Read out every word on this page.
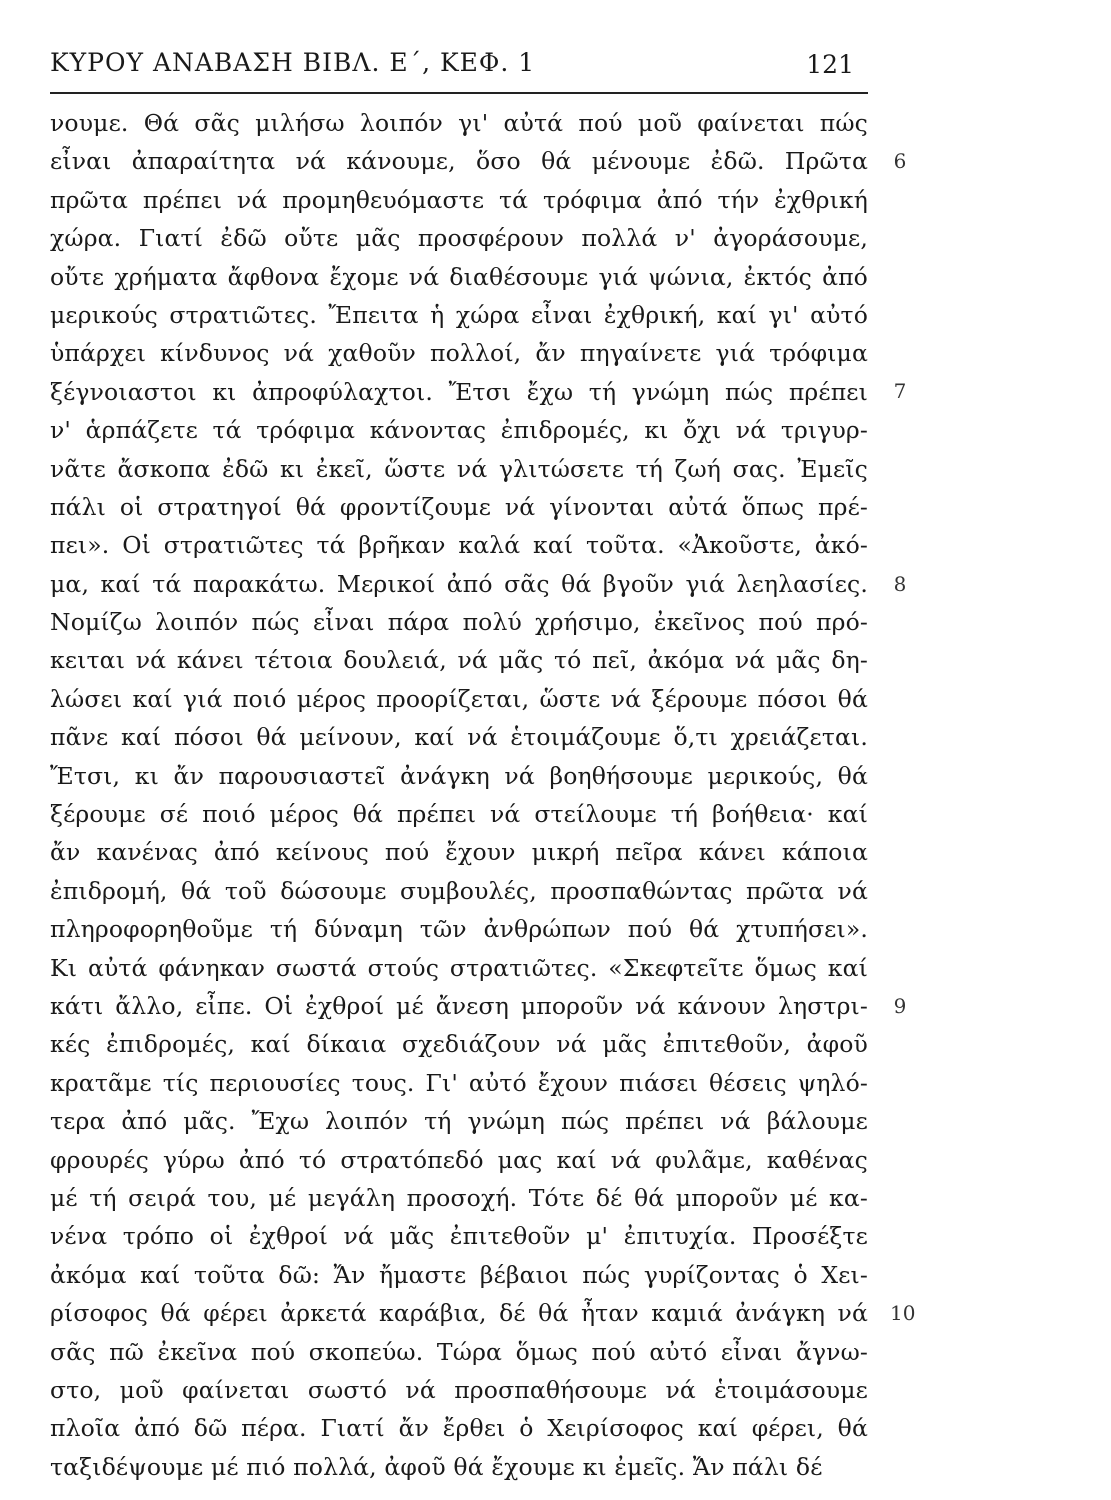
ΚΥΡΟΥ ΑΝΑΒΑΣΗ ΒΙΒΛ. Ε΄, ΚΕΦ. 1	121
νουμε. Θά σᾶς μιλήσω λοιπόν γι' αὐτά πού μοῦ φαίνεται πώς
εἶναι ἀπαραίτητα νά κάνουμε, ὅσο θά μένουμε ἐδῶ. Πρῶτα
πρῶτα πρέπει νά προμηθευόμαστε τά τρόφιμα ἀπό τήν ἐχθρική
χώρα. Γιατί ἐδῶ οὔτε μᾶς προσφέρουν πολλά ν' ἀγοράσουμε,
οὔτε χρήματα ἄφθονα ἔχομε νά διαθέσουμε γιά ψώνια, ἐκτός ἀπό
μερικούς στρατιῶτες. Ἔπειτα ἡ χώρα εἶναι ἐχθρική, καί γι' αὐτό
ὑπάρχει κίνδυνος νά χαθοῦν πολλοί, ἄν πηγαίνετε γιά τρόφιμα
ξέγνοιαστοι κι ἀπροφύλαχτοι. Ἔτσι ἔχω τή γνώμη πώς πρέπει
ν' ἁρπάζετε τά τρόφιμα κάνοντας ἐπιδρομές, κι ὄχι νά τριγυρ-
νᾶτε ἄσκοπα ἐδῶ κι ἐκεῖ, ὥστε νά γλιτώσετε τή ζωή σας. Ἐμεῖς
πάλι οἱ στρατηγοί θά φροντίζουμε νά γίνονται αὐτά ὅπως πρέ-
πει». Οἱ στρατιῶτες τά βρῆκαν καλά καί τοῦτα. «Ἀκοῦστε, ἀκό-
μα, καί τά παρακάτω. Μερικοί ἀπό σᾶς θά βγοῦν γιά λεηλασίες.
Νομίζω λοιπόν πώς εἶναι πάρα πολύ χρήσιμο, ἐκεῖνος πού πρό-
κειται νά κάνει τέτοια δουλειά, νά μᾶς τό πεῖ, ἀκόμα νά μᾶς δη-
λώσει καί γιά ποιό μέρος προορίζεται, ὥστε νά ξέρουμε πόσοι θά
πᾶνε καί πόσοι θά μείνουν, καί νά ἑτοιμάζουμε ὅ,τι χρειάζεται.
Ἔτσι, κι ἄν παρουσιαστεῖ ἀνάγκη νά βοηθήσουμε μερικούς, θά
ξέρουμε σέ ποιό μέρος θά πρέπει νά στείλουμε τή βοήθεια· καί
ἄν κανένας ἀπό κείνους πού ἔχουν μικρή πεῖρα κάνει κάποια
ἐπιδρομή, θά τοῦ δώσουμε συμβουλές, προσπαθώντας πρῶτα νά
πληροφορηθοῦμε τή δύναμη τῶν ἀνθρώπων πού θά χτυπήσει».
Κι αὐτά φάνηκαν σωστά στούς στρατιῶτες. «Σκεφτεῖτε ὅμως καί
κάτι ἄλλο, εἶπε. Οἱ ἐχθροί μέ ἄνεση μποροῦν νά κάνουν ληστρι-
κές ἐπιδρομές, καί δίκαια σχεδιάζουν νά μᾶς ἐπιτεθοῦν, ἀφοῦ
κρατᾶμε τίς περιουσίες τους. Γι' αὐτό ἔχουν πιάσει θέσεις ψηλό-
τερα ἀπό μᾶς. Ἔχω λοιπόν τή γνώμη πώς πρέπει νά βάλουμε
φρουρές γύρω ἀπό τό στρατόπεδό μας καί νά φυλᾶμε, καθένας
μέ τή σειρά του, μέ μεγάλη προσοχή. Τότε δέ θά μποροῦν μέ κα-
νένα τρόπο οἱ ἐχθροί νά μᾶς ἐπιτεθοῦν μ' ἐπιτυχία. Προσέξτε
ἀκόμα καί τοῦτα δῶ: Ἄν ἤμαστε βέβαιοι πώς γυρίζοντας ὁ Χει-
ρίσοφος θά φέρει ἀρκετά καράβια, δέ θά ἦταν καμιά ἀνάγκη νά
σᾶς πῶ ἐκεῖνα πού σκοπεύω. Τώρα ὅμως πού αὐτό εἶναι ἄγνω-
στο, μοῦ φαίνεται σωστό νά προσπαθήσουμε νά ἑτοιμάσουμε
πλοῖα ἀπό δῶ πέρα. Γιατί ἄν ἔρθει ὁ Χειρίσοφος καί φέρει, θά
ταξιδέψουμε μέ πιό πολλά, ἀφοῦ θά ἔχουμε κι ἐμεῖς. Ἄν πάλι δέ
6
7
8
9
10
